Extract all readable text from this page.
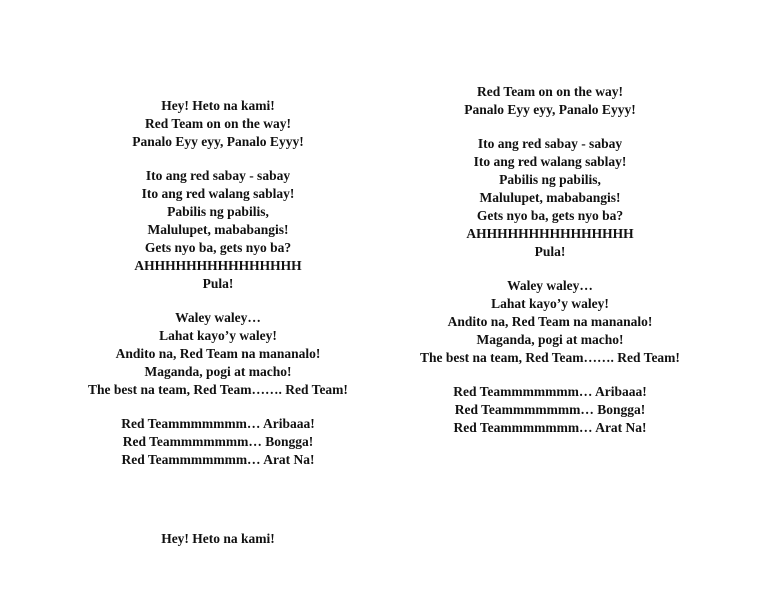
Hey! Heto na kami!
Red Team on on the way!
Panalo Eyy eyy, Panalo Eyyy!
Ito ang red sabay - sabay
Ito ang red walang sablay!
Pabilis ng pabilis,
Malulupet, mababangis!
Gets nyo ba, gets nyo ba?
AHHHHHHHHHHHHHHH
Pula!
Waley waley…
Lahat kayo’y waley!
Andito na, Red Team na mananalo!
Maganda, pogi at macho!
The best na team, Red Team……. Red Team!
Red Teammmmmmm… Aribaaa!
Red Teammmmmmm… Bongga!
Red Teammmmmmm… Arat Na!
Red Team on on the way!
Panalo Eyy eyy, Panalo Eyyy!
Ito ang red sabay - sabay
Ito ang red walang sablay!
Pabilis ng pabilis,
Malulupet, mababangis!
Gets nyo ba, gets nyo ba?
AHHHHHHHHHHHHHHH
Pula!
Waley waley…
Lahat kayo’y waley!
Andito na, Red Team na mananalo!
Maganda, pogi at macho!
The best na team, Red Team……. Red Team!
Red Teammmmmmm… Aribaaa!
Red Teammmmmmm… Bongga!
Red Teammmmmmm… Arat Na!
Hey! Heto na kami!
